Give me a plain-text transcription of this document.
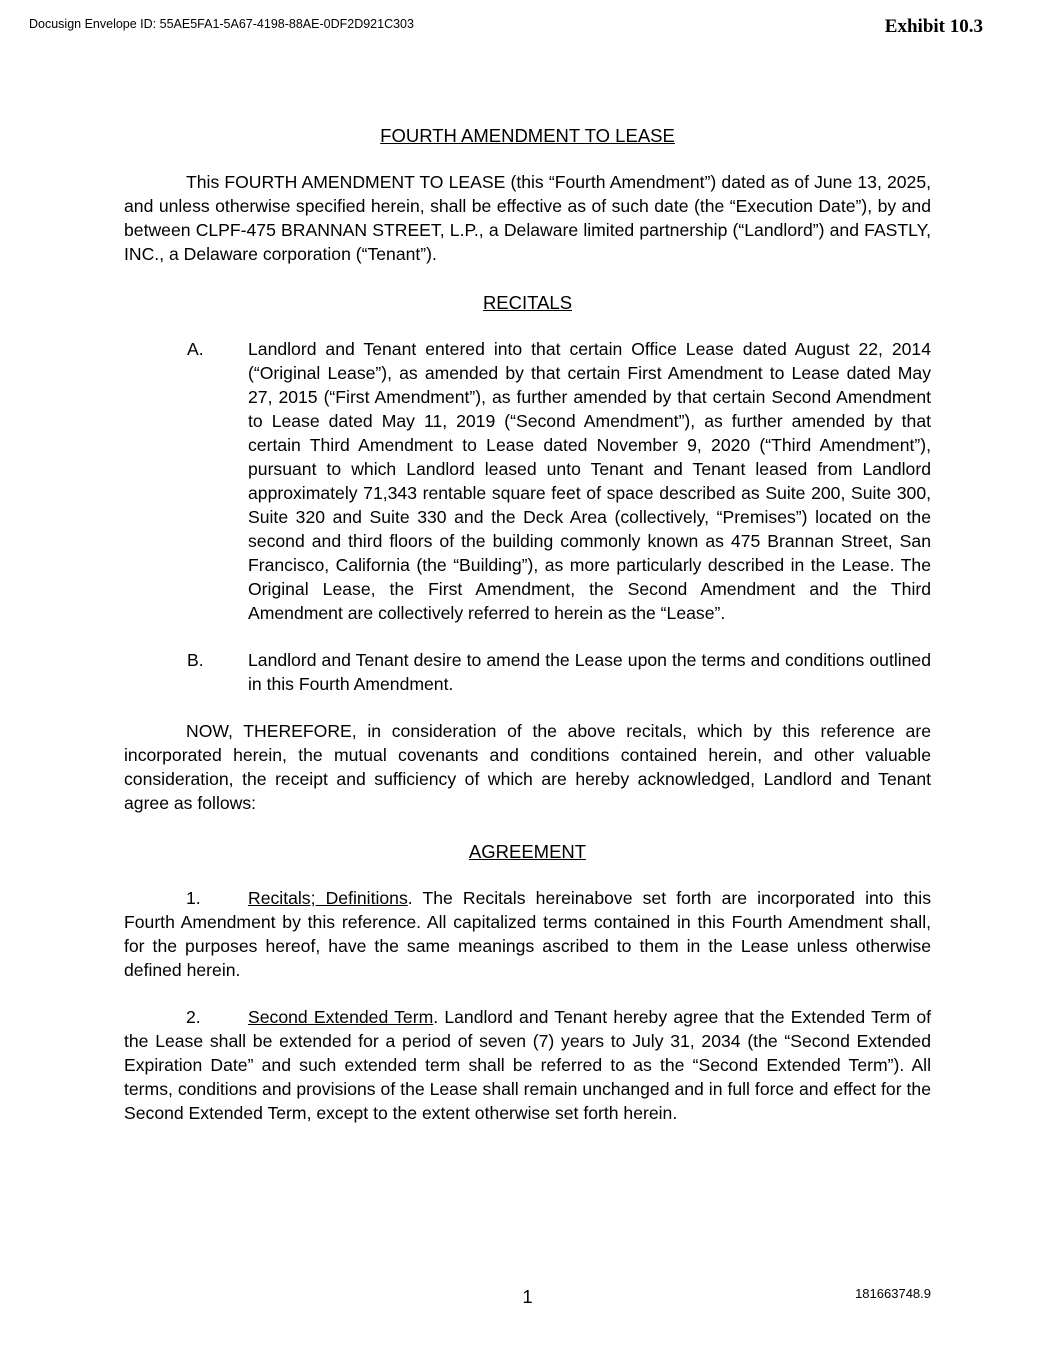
Docusign Envelope ID: 55AE5FA1-5A67-4198-88AE-0DF2D921C303	Exhibit 10.3

FOURTH AMENDMENT TO LEASE

This FOURTH AMENDMENT TO LEASE (this “Fourth Amendment”) dated as of June 13, 2025, and unless otherwise specified herein, shall be effective as of such date (the “Execution Date”), by and between CLPF-475 BRANNAN STREET, L.P., a Delaware limited partnership (“Landlord”) and FASTLY, INC., a Delaware corporation (“Tenant”).

RECITALS

A.	Landlord and Tenant entered into that certain Office Lease dated August 22, 2014 (“Original Lease”), as amended by that certain First Amendment to Lease dated May 27, 2015 (“First Amendment”), as further amended by that certain Second Amendment to Lease dated May 11, 2019 (“Second Amendment”), as further amended by that certain Third Amendment to Lease dated November 9, 2020 (“Third Amendment”), pursuant to which Landlord leased unto Tenant and Tenant leased from Landlord approximately 71,343 rentable square feet of space described as Suite 200, Suite 300, Suite 320 and Suite 330 and the Deck Area (collectively, “Premises”) located on the second and third floors of the building commonly known as 475 Brannan Street, San Francisco, California (the “Building”), as more particularly described in the Lease. The Original Lease, the First Amendment, the Second Amendment and the Third Amendment are collectively referred to herein as the “Lease”.
B.	Landlord and Tenant desire to amend the Lease upon the terms and conditions outlined in this Fourth Amendment.

NOW, THEREFORE, in consideration of the above recitals, which by this reference are incorporated herein, the mutual covenants and conditions contained herein, and other valuable consideration, the receipt and sufficiency of which are hereby acknowledged, Landlord and Tenant agree as follows:

AGREEMENT

1.	Recitals; Definitions. The Recitals hereinabove set forth are incorporated into this Fourth Amendment by this reference. All capitalized terms contained in this Fourth Amendment shall, for the purposes hereof, have the same meanings ascribed to them in the Lease unless otherwise defined herein.

2.	Second Extended Term. Landlord and Tenant hereby agree that the Extended Term of the Lease shall be extended for a period of seven (7) years to July 31, 2034 (the “Second Extended Expiration Date” and such extended term shall be referred to as the “Second Extended Term”). All terms, conditions and provisions of the Lease shall remain unchanged and in full force and effect for the Second Extended Term, except to the extent otherwise set forth herein.

1	181663748.9
